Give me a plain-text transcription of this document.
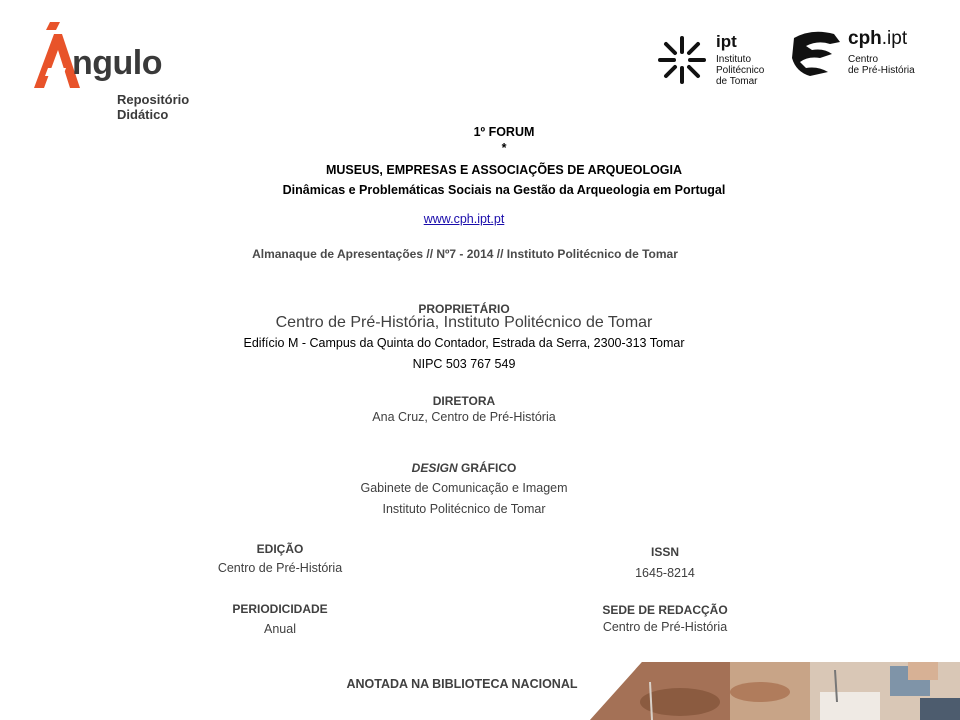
ngulo
Repositório
Didático
ipt
Instituto
Politécnico
de Tomar
cph.ipt
Centro
de Pré-História
1º FORUM
*
MUSEUS, EMPRESAS E ASSOCIAÇÕES DE ARQUEOLOGIA
Dinâmicas e Problemáticas Sociais na Gestão da Arqueologia em Portugal
www.cph.ipt.pt
Almanaque de Apresentações // Nº7 - 2014 // Instituto Politécnico de Tomar
PROPRIETÁRIO
Centro de Pré-História, Instituto Politécnico de Tomar
Edifício M - Campus da Quinta do Contador, Estrada da Serra, 2300-313 Tomar
NIPC 503 767 549
DIRETORA
Ana Cruz, Centro de Pré-História
DESIGN GRÁFICO
Gabinete de Comunicação e Imagem
Instituto Politécnico de Tomar
EDIÇÃO
Centro de Pré-História
ISSN
1645-8214
PERIODICIDADE
Anual
SEDE DE REDACÇÃO
Centro de Pré-História
ANOTADA NA BIBLIOTECA NACIONAL
